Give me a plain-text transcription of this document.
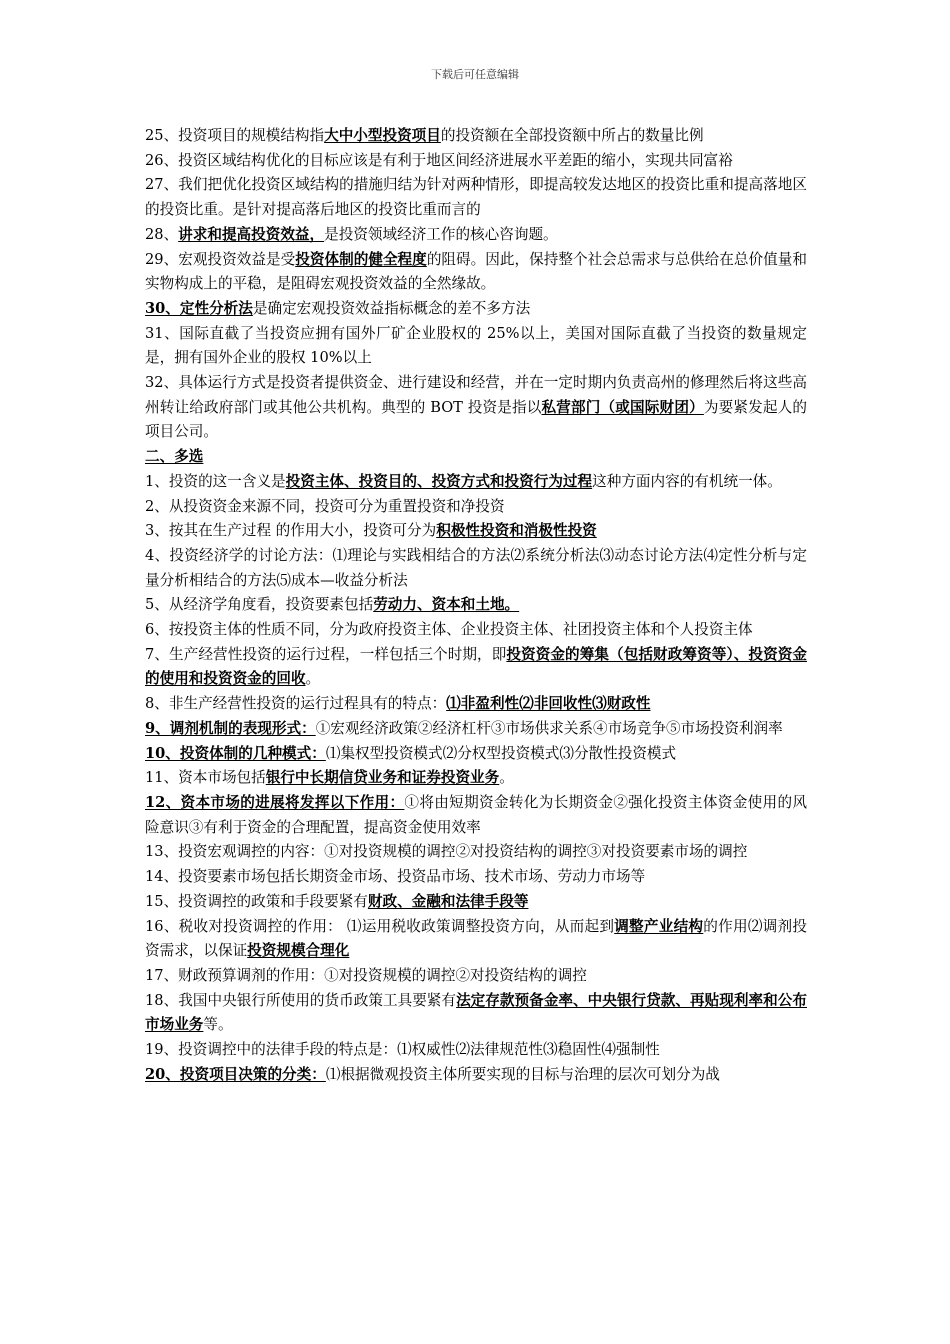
下载后可任意编辑

25、投资项目的规模结构指大中小型投资项目的投资额在全部投资额中所占的数量比例

26、投资区域结构优化的目标应该是有利于地区间经济进展水平差距的缩小，实现共同富裕

27、我们把优化投资区域结构的措施归结为针对两种情形，即提高较发达地区的投资比重和提高落地区的投资比重。是针对提高落后地区的投资比重而言的

28、讲求和提高投资效益，是投资领域经济工作的核心咨询题。

29、宏观投资效益是受投资体制的健全程度的阻碍。因此，保持整个社会总需求与总供给在总价值量和实物构成上的平稳，是阻碍宏观投资效益的全然缘故。

30、定性分析法是确定宏观投资效益指标概念的差不多方法

31、国际直截了当投资应拥有国外厂矿企业股权的 25%以上，美国对国际直截了当投资的数量规定是，拥有国外企业的股权 10%以上

32、具体运行方式是投资者提供资金、进行建设和经营，并在一定时期内负责高州的修理然后将这些高州转让给政府部门或其他公共机构。典型的 BOT 投资是指以私营部门（或国际财团）为要紧发起人的项目公司。

二、多选

1、投资的这一含义是投资主体、投资目的、投资方式和投资行为过程这种方面内容的有机统一体。

2、从投资资金来源不同，投资可分为重置投资和净投资

3、按其在生产过程 的作用大小，投资可分为积极性投资和消极性投资

4、投资经济学的讨论方法：⑴理论与实践相结合的方法⑵系统分析法⑶动态讨论方法⑷定性分析与定量分析相结合的方法⑸成本—收益分析法

5、从经济学角度看，投资要素包括劳动力、资本和土地。

6、按投资主体的性质不同，分为政府投资主体、企业投资主体、社团投资主体和个人投资主体

7、生产经营性投资的运行过程，一样包括三个时期，即投资资金的筹集（包括财政筹资等）、投资资金的使用和投资资金的回收。

8、非生产经营性投资的运行过程具有的特点：⑴非盈利性⑵非回收性⑶财政性

9、调剂机制的表现形式：①宏观经济政策②经济杠杆③市场供求关系④市场竞争⑤市场投资利润率

10、投资体制的几种模式：⑴集权型投资模式⑵分权型投资模式⑶分散性投资模式

11、资本市场包括银行中长期信贷业务和证券投资业务。

12、资本市场的进展将发挥以下作用：①将由短期资金转化为长期资金②强化投资主体资金使用的风险意识③有利于资金的合理配置，提高资金使用效率

13、投资宏观调控的内容：①对投资规模的调控②对投资结构的调控③对投资要素市场的调控

14、投资要素市场包括长期资金市场、投资品市场、技术市场、劳动力市场等

15、投资调控的政策和手段要紧有财政、金融和法律手段等

16、税收对投资调控的作用： ⑴运用税收政策调整投资方向，从而起到调整产业结构的作用⑵调剂投资需求，以保证投资规模合理化

17、财政预算调剂的作用：①对投资规模的调控②对投资结构的调控

18、我国中央银行所使用的货币政策工具要紧有法定存款预备金率、中央银行贷款、再贴现利率和公布市场业务等。

19、投资调控中的法律手段的特点是：⑴权威性⑵法律规范性⑶稳固性⑷强制性

20、投资项目决策的分类：⑴根据微观投资主体所要实现的目标与治理的层次可划分为战
